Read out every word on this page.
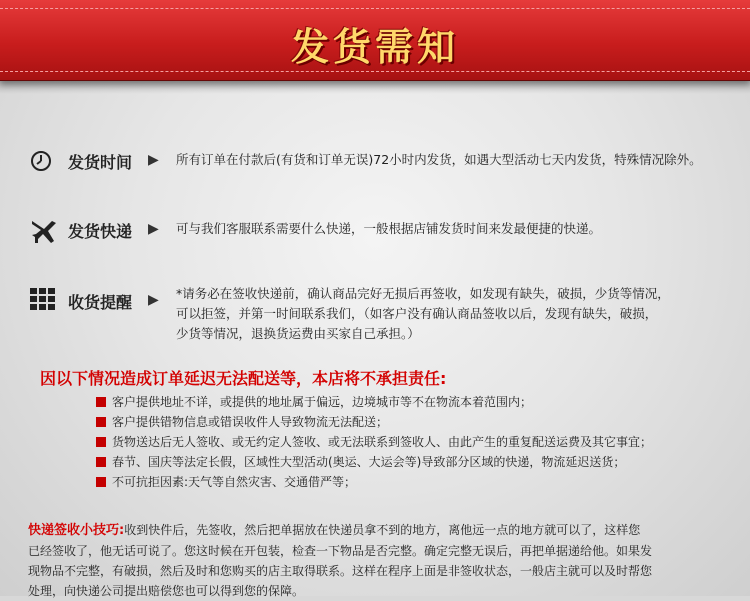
发货需知
发货时间 ▶ 所有订单在付款后(有货和订单无误)72小时内发货，如遇大型活动七天内发货，特殊情况除外。
发货快递 ▶ 可与我们客服联系需要什么快递，一般根据店铺发货时间来发最便捷的快递。
收货提醒 ▶ *请务必在签收快递前，确认商品完好无损后再签收，如发现有缺失，破损，少货等情况，
可以拒签，并第一时间联系我们，（如客户没有确认商品签收以后，发现有缺失，破损，
少货等情况，退换货运费由买家自己承担。）
因以下情况造成订单延迟无法配送等，本店将不承担责任:
客户提供地址不详，或提供的地址属于偏远，边境城市等不在物流本着范围内；
客户提供错物信息或错误收件人导致物流无法配送；
货物送达后无人签收、或无约定人签收、或无法联系到签收人、由此产生的重复配送运费及其它事宜；
春节、国庆等法定长假，区域性大型活动(奥运、大运会等)导致部分区域的快递，物流延迟送货；
不可抗拒因素:天气等自然灾害、交通借严等；
快递签收小技巧:收到快件后，先签收，然后把单据放在快递员拿不到的地方，离他远一点的地方就可以了，这样您
已经签收了，他无话可说了。您这时候在开包装，检查一下物品是否完整。确定完整无误后，再把单据递给他。如果发
现物品不完整，有破损，然后及时和您购买的店主取得联系。这样在程序上面是非签收状态，一般店主就可以及时帮您
处理，向快递公司提出赔偿您也可以得到您的保障。
